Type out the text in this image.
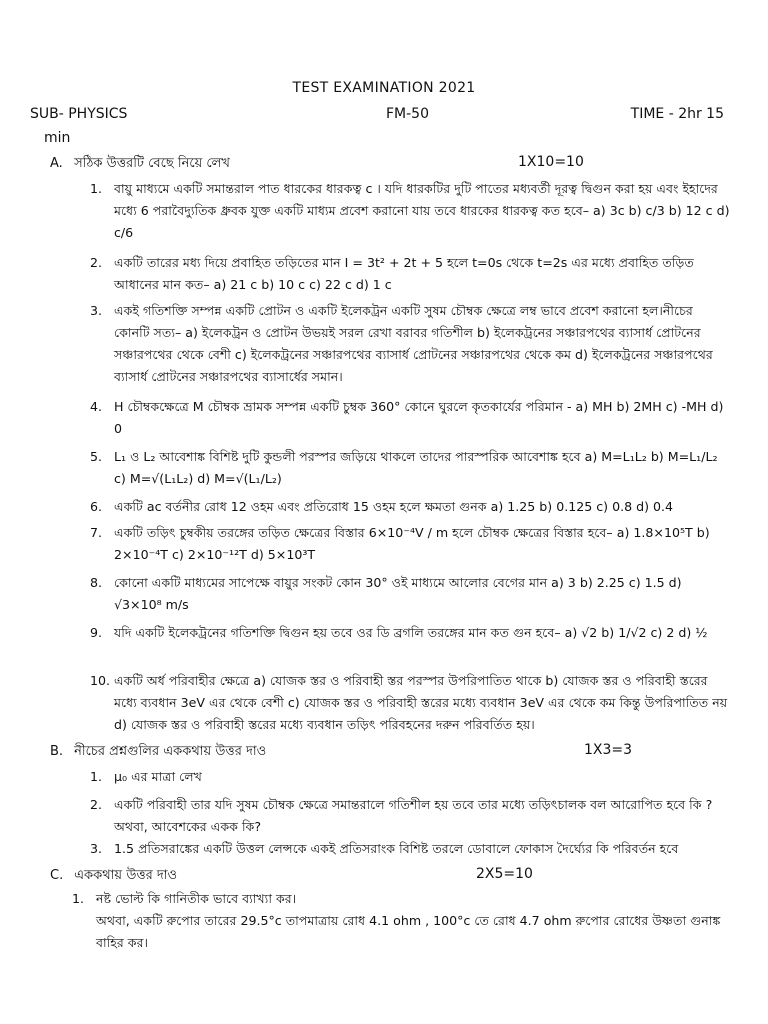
TEST EXAMINATION 2021
SUB- PHYSICS	FM-50	TIME - 2hr 15
min
A. সঠিক উত্তরটি বেছে নিয়ে লেখ	1X10=10
1. বায়ু মাধ্যমে একটি সমান্তরাল পাত ধারকের ধারকত্ব c । যদি ধারকটির দুটি পাতের মধ্যবর্তী দূরত্ব দ্বিগুন করা হয় এবং ইহাদের মধ্যে 6 পরাবৈদ্যুতিক ধ্রুবক যুক্ত একটি মাধ্যম প্রবেশ করানো যায় তবে ধারকের ধারকত্ব কত হবে– a) 3c b) c/3 b) 12 c d) c/6
2. একটি তারের মধ্য দিয়ে প্রবাহিত তড়িতের মান I = 3t² + 2t + 5 হলে t=0s থেকে t=2s এর মধ্যে প্রবাহিত তড়িত আধানের মান কত– a) 21 c b) 10 c c) 22 c d) 1 c
3. একই গতিশক্তি সম্পন্ন একটি প্রোটন ও একটি ইলেকট্রন একটি সুষম চৌম্বক ক্ষেত্রে লম্ব ভাবে প্রবেশ করানো হল।নীচের কোনটি সত্য– a) ইলেকট্রন ও প্রোটন উভয়ই সরল রেখা বরাবর গতিশীল b) ইলেকট্রনের সঞ্চারপথের ব্যাসার্ধ প্রোটনের সঞ্চারপথের থেকে বেশী c) ইলেকট্রনের সঞ্চারপথের ব্যাসার্ধ প্রোটনের সঞ্চারপথের থেকে কম d) ইলেকট্রনের সঞ্চারপথের ব্যাসার্ধ প্রোটনের সঞ্চারপথের ব্যাসার্ধের সমান।
4. H চৌম্বকক্ষেত্রে M চৌম্বক ভ্রামক সম্পন্ন একটি চুম্বক 360° কোনে ঘুরলে কৃতকার্যের পরিমান - a) MH b) 2MH c) -MH d) 0
5. L₁ ও L₂ আবেশাঙ্ক বিশিষ্ট দুটি কুন্ডলী পরস্পর জড়িয়ে থাকলে তাদের পারস্পরিক আবেশাঙ্ক হবে a) M=L₁L₂ b) M=L₁/L₂ c) M=√(L₁L₂) d) M=√(L₁/L₂)
6. একটি ac বর্তনীর রোধ 12 ওহম এবং প্রতিরোধ 15 ওহম হলে ক্ষমতা গুনক a) 1.25 b) 0.125 c) 0.8 d) 0.4
7. একটি তড়িৎ চুম্বকীয় তরঙ্গের তড়িত ক্ষেত্রের বিস্তার 6×10⁻⁴V / m হলে চৌম্বক ক্ষেত্রের বিস্তার হবে– a) 1.8×10⁵T b) 2×10⁻⁴T c) 2×10⁻¹²T d) 5×10³T
8. কোনো একটি মাধ্যমের সাপেক্ষে বায়ুর সংকট কোন 30° ওই মাধ্যমে আলোর বেগের মান a) 3 b) 2.25 c) 1.5 d) √3×10⁸ m/s
9. যদি একটি ইলেকট্রনের গতিশক্তি দ্বিগুন হয় তবে ওর ডি ব্রগলি তরঙ্গের মান কত গুন হবে– a) √2 b) 1/√2 c) 2 d) ½
10. একটি অর্ধ পরিবাহীর ক্ষেত্রে a) যোজক স্তর ও পরিবাহী স্তর পরস্পর উপরিপাতিত থাকে b) যোজক স্তর ও পরিবাহী স্তরের মধ্যে ব্যবধান 3eV এর থেকে বেশী c) যোজক স্তর ও পরিবাহী স্তরের মধ্যে ব্যবধান 3eV এর থেকে কম কিন্তু উপরিপাতিত নয় d) যোজক স্তর ও পরিবাহী স্তরের মধ্যে ব্যবধান তড়িৎ পরিবহনের দরুন পরিবর্তিত হয়।
B. নীচের প্রশ্নগুলির এককথায় উত্তর দাও	1X3=3
1. μ₀ এর মাত্রা লেখ
2. একটি পরিবাহী তার যদি সুষম চৌম্বক ক্ষেত্রে সমান্তরালে গতিশীল হয় তবে তার মধ্যে তড়িৎচালক বল আরোপিত হবে কি ? অথবা, আবেশকের একক কি?
3. 1.5 প্রতিসরাঙ্কের একটি উত্তল লেন্সকে একই প্রতিসরাংক বিশিষ্ট তরলে ডোবালে ফোকাস দৈর্ঘ্যের কি পরিবর্তন হবে
C. এককথায় উত্তর দাও	2X5=10
1. নষ্ট ভোল্ট কি গানিতীক ভাবে ব্যাখ্যা কর।
অথবা, একটি রুপোর তারের 29.5°c তাপমাত্রায় রোধ 4.1 ohm , 100°c তে রোধ 4.7 ohm রুপোর রোধের উষ্ণতা গুনাঙ্ক বাহির কর।
